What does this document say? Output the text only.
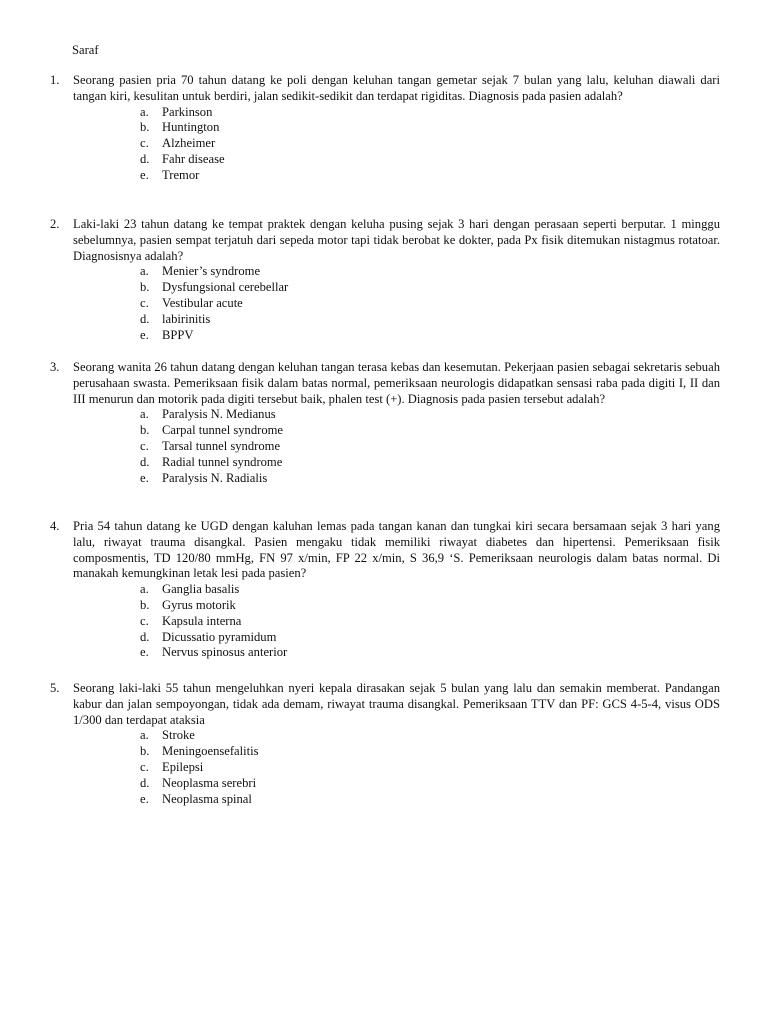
Saraf
1.	Seorang pasien pria 70 tahun datang ke poli dengan keluhan tangan gemetar sejak 7 bulan yang lalu, keluhan diawali dari tangan kiri, kesulitan untuk berdiri, jalan sedikit-sedikit dan terdapat rigiditas. Diagnosis pada pasien adalah?
a. Parkinson
b. Huntington
c. Alzheimer
d. Fahr disease
e. Tremor
2.	Laki-laki 23 tahun datang ke tempat praktek dengan keluha pusing sejak 3 hari dengan perasaan seperti berputar. 1 minggu sebelumnya, pasien sempat terjatuh dari sepeda motor tapi tidak berobat ke dokter, pada Px fisik ditemukan nistagmus rotatoar. Diagnosisnya adalah?
a. Menier’s syndrome
b. Dysfungsional cerebellar
c. Vestibular acute
d. labirinitis
e. BPPV
3.	Seorang wanita 26 tahun datang dengan keluhan tangan terasa kebas dan kesemutan. Pekerjaan pasien sebagai sekretaris sebuah perusahaan swasta. Pemeriksaan fisik dalam batas normal, pemeriksaan neurologis didapatkan sensasi raba pada digiti I, II dan III menurun dan motorik pada digiti tersebut baik, phalen test (+). Diagnosis pada pasien tersebut adalah?
a. Paralysis N. Medianus
b. Carpal tunnel syndrome
c. Tarsal tunnel syndrome
d. Radial tunnel syndrome
e. Paralysis N. Radialis
4.	Pria 54 tahun datang ke UGD dengan kaluhan lemas pada tangan kanan dan tungkai kiri secara bersamaan sejak 3 hari yang lalu, riwayat trauma disangkal. Pasien mengaku tidak memiliki riwayat diabetes dan hipertensi. Pemeriksaan fisik composmentis, TD 120/80 mmHg, FN 97 x/min, FP 22 x/min, S 36,9 ‘S. Pemeriksaan neurologis dalam batas normal. Di manakah kemungkinan letak lesi pada pasien?
a. Ganglia basalis
b. Gyrus motorik
c. Kapsula interna
d. Dicussatio pyramidum
e. Nervus spinosus anterior
5.	Seorang laki-laki 55 tahun mengeluhkan nyeri kepala dirasakan sejak 5 bulan yang lalu dan semakin memberat. Pandangan kabur dan jalan sempoyongan, tidak ada demam, riwayat trauma disangkal. Pemeriksaan TTV dan PF: GCS 4-5-4, visus ODS 1/300 dan terdapat ataksia
a. Stroke
b. Meningoensefalitis
c. Epilepsi
d. Neoplasma serebri
e. Neoplasma spinal
